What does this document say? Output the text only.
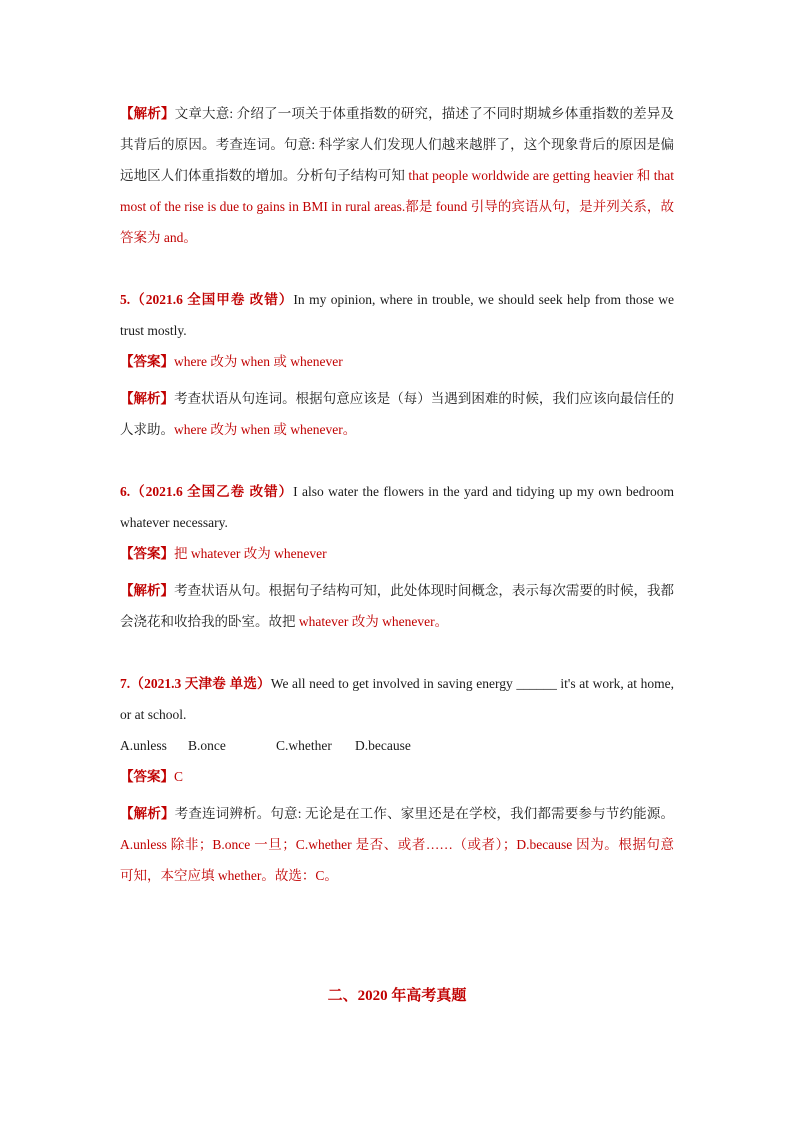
【解析】文章大意: 介绍了一项关于体重指数的研究，描述了不同时期城乡体重指数的差异及其背后的原因。考查连词。句意: 科学家人们发现人们越来越胖了，这个现象背后的原因是偏远地区人们体重指数的增加。分析句子结构可知 that people worldwide are getting heavier 和 that most of the rise is due to gains in BMI in rural areas.都是 found 引导的宾语从句，是并列关系，故答案为 and。

5.（2021.6 全国甲卷 改错）In my opinion, where in trouble, we should seek help from those we trust mostly.

【答案】where 改为 when 或 whenever

【解析】考查状语从句连词。根据句意应该是（每）当遇到困难的时候，我们应该向最信任的人求助。where 改为 when 或 whenever。

6.（2021.6 全国乙卷 改错）I also water the flowers in the yard and tidying up my own bedroom whatever necessary.

【答案】把 whatever 改为 whenever

【解析】考查状语从句。根据句子结构可知，此处体现时间概念，表示每次需要的时候，我都会浇花和收拾我的卧室。故把 whatever 改为 whenever。

7.（2021.3 天津卷 单选）We all need to get involved in saving energy ______ it's at work, at home, or at school.

A.unless B.once	C.whether D.because

【答案】C

【解析】考查连词辨析。句意: 无论是在工作、家里还是在学校，我们都需要参与节约能源。A.unless 除非；B.once 一旦；C.whether 是否、或者……（或者）；D.because 因为。根据句意可知，本空应填 whether。故选：C。

二、2020 年高考真题
